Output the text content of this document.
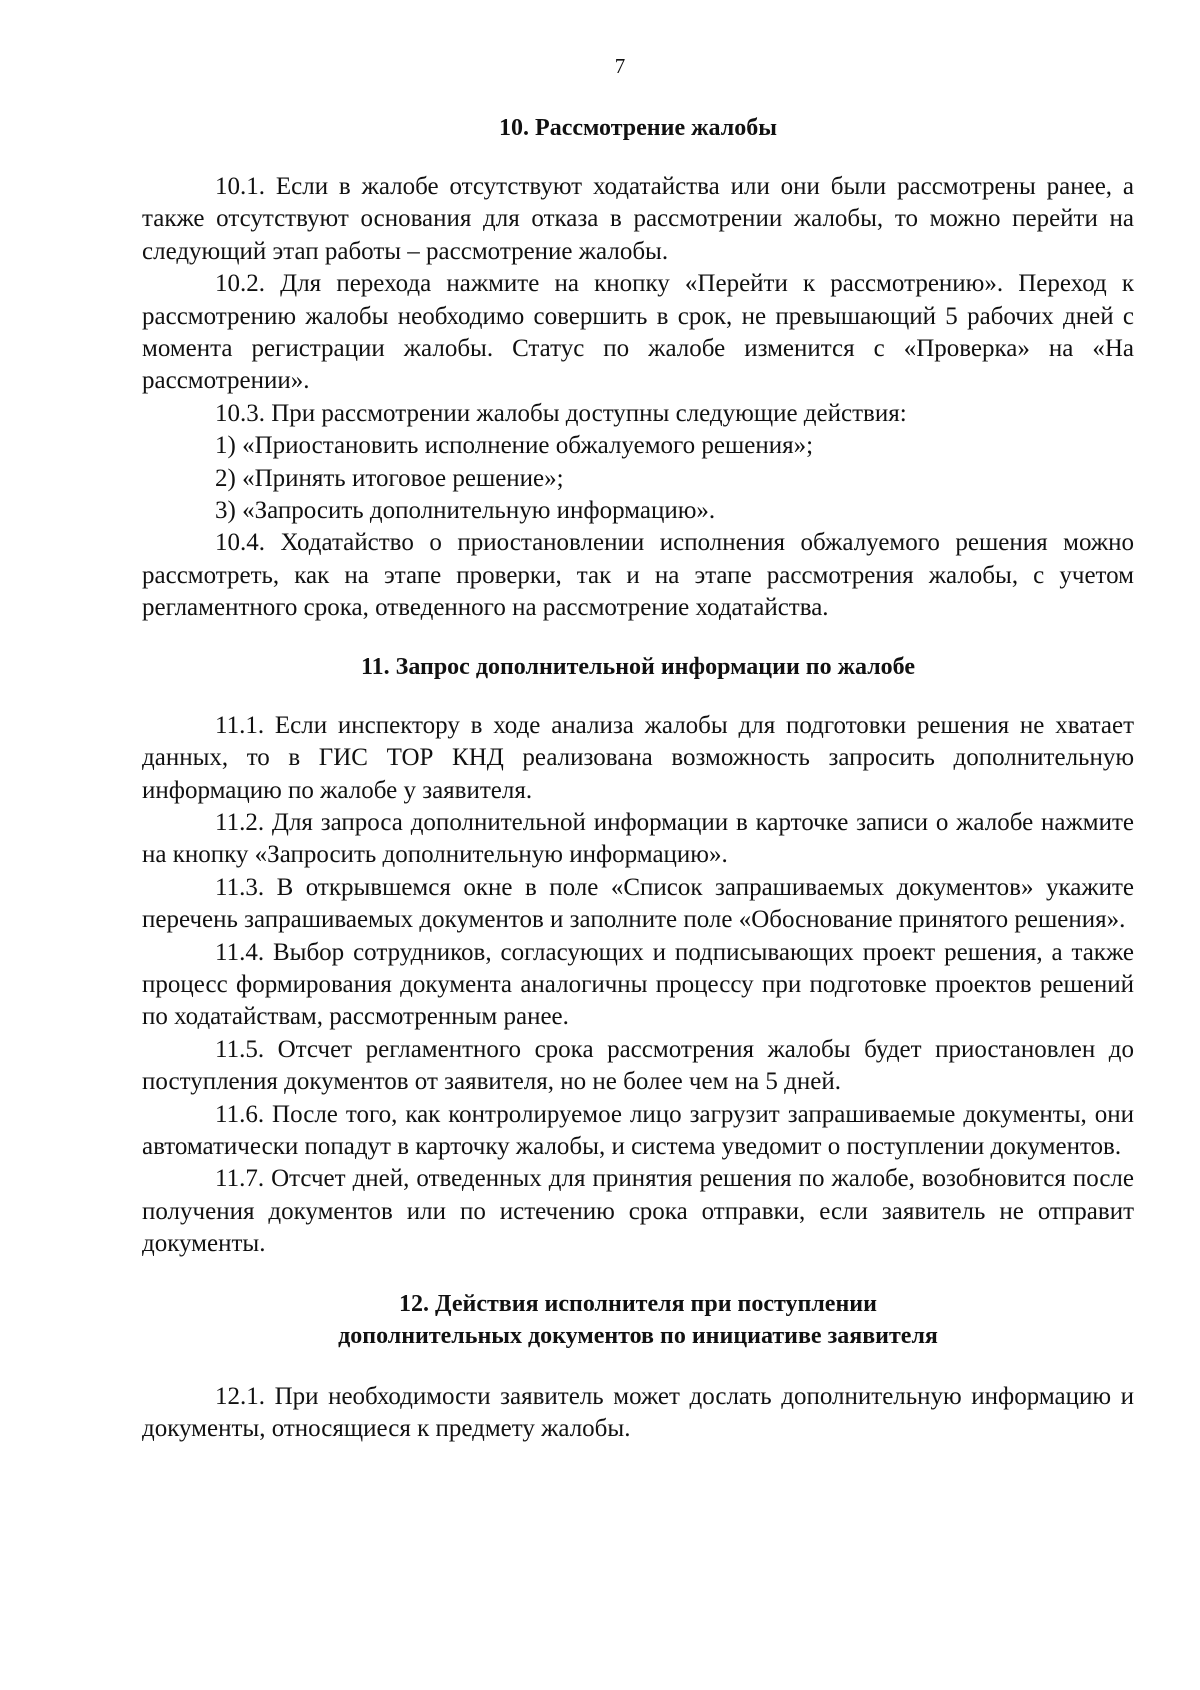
7
10. Рассмотрение жалобы

10.1. Если в жалобе отсутствуют ходатайства или они были рассмотрены ранее, а также отсутствуют основания для отказа в рассмотрении жалобы, то можно перейти на следующий этап работы – рассмотрение жалобы.

10.2. Для перехода нажмите на кнопку «Перейти к рассмотрению». Переход к рассмотрению жалобы необходимо совершить в срок, не превышающий 5 рабочих дней с момента регистрации жалобы. Статус по жалобе изменится с «Проверка» на «На рассмотрении».

10.3. При рассмотрении жалобы доступны следующие действия:

1) «Приостановить исполнение обжалуемого решения»;

2) «Принять итоговое решение»;

3) «Запросить дополнительную информацию».

10.4. Ходатайство о приостановлении исполнения обжалуемого решения можно рассмотреть, как на этапе проверки, так и на этапе рассмотрения жалобы, с учетом регламентного срока, отведенного на рассмотрение ходатайства.

11. Запрос дополнительной информации по жалобе

11.1. Если инспектору в ходе анализа жалобы для подготовки решения не хватает данных, то в ГИС ТОР КНД реализована возможность запросить дополнительную информацию по жалобе у заявителя.

11.2. Для запроса дополнительной информации в карточке записи о жалобе нажмите на кнопку «Запросить дополнительную информацию».

11.3. В открывшемся окне в поле «Список запрашиваемых документов» укажите перечень запрашиваемых документов и заполните поле «Обоснование принятого решения».

11.4. Выбор сотрудников, согласующих и подписывающих проект решения, а также процесс формирования документа аналогичны процессу при подготовке проектов решений по ходатайствам, рассмотренным ранее.

11.5. Отсчет регламентного срока рассмотрения жалобы будет приостановлен до поступления документов от заявителя, но не более чем на 5 дней.

11.6. После того, как контролируемое лицо загрузит запрашиваемые документы, они автоматически попадут в карточку жалобы, и система уведомит о поступлении документов.

11.7. Отсчет дней, отведенных для принятия решения по жалобе, возобновится после получения документов или по истечению срока отправки, если заявитель не отправит документы.

12. Действия исполнителя при поступлении
дополнительных документов по инициативе заявителя

12.1. При необходимости заявитель может дослать дополнительную информацию и документы, относящиеся к предмету жалобы.
